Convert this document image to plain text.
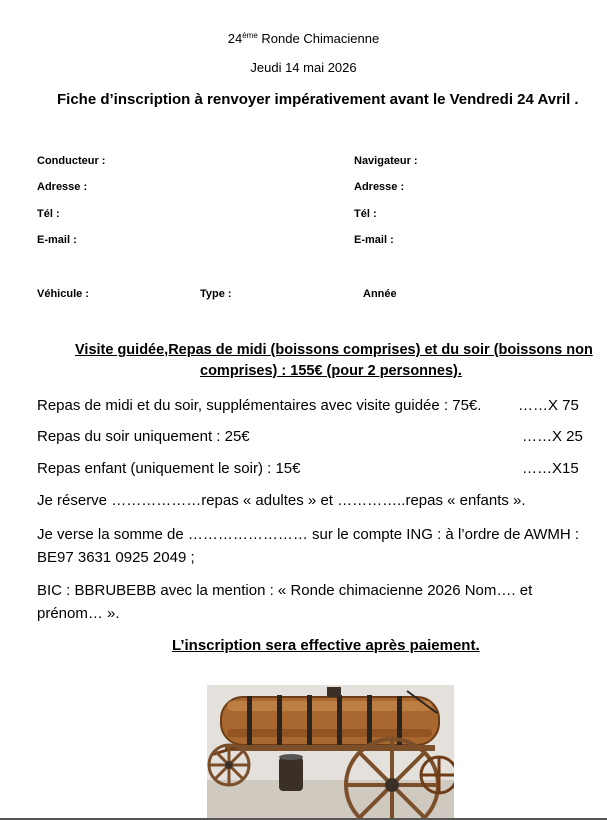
24ème Ronde Chimacienne
Jeudi 14 mai 2026
Fiche d’inscription à renvoyer impérativement avant le Vendredi 24 Avril .
Conducteur :	Navigateur :
Adresse :	Adresse :
Tél :	Tél :
E-mail :	E-mail :
Véhicule :	Type :	Année
Visite guidée,Repas de midi (boissons comprises) et du soir (boissons non
comprises) : 155€ (pour 2 personnes).
Repas de midi et du soir, supplémentaires avec visite guidée : 75€. ……X 75
Repas du soir uniquement : 25€	……X 25
Repas enfant (uniquement le soir) : 15€	……X15
Je réserve ………………repas « adultes » et …………..repas « enfants ».
Je verse la somme de …………………… sur le compte ING : à l’ordre de AWMH :
BE97 3631 0925 2049 ;
BIC : BBRUBEBB avec la mention : « Ronde chimacienne 2026 Nom…. et
prénom… ».
L’inscription sera effective après paiement.
